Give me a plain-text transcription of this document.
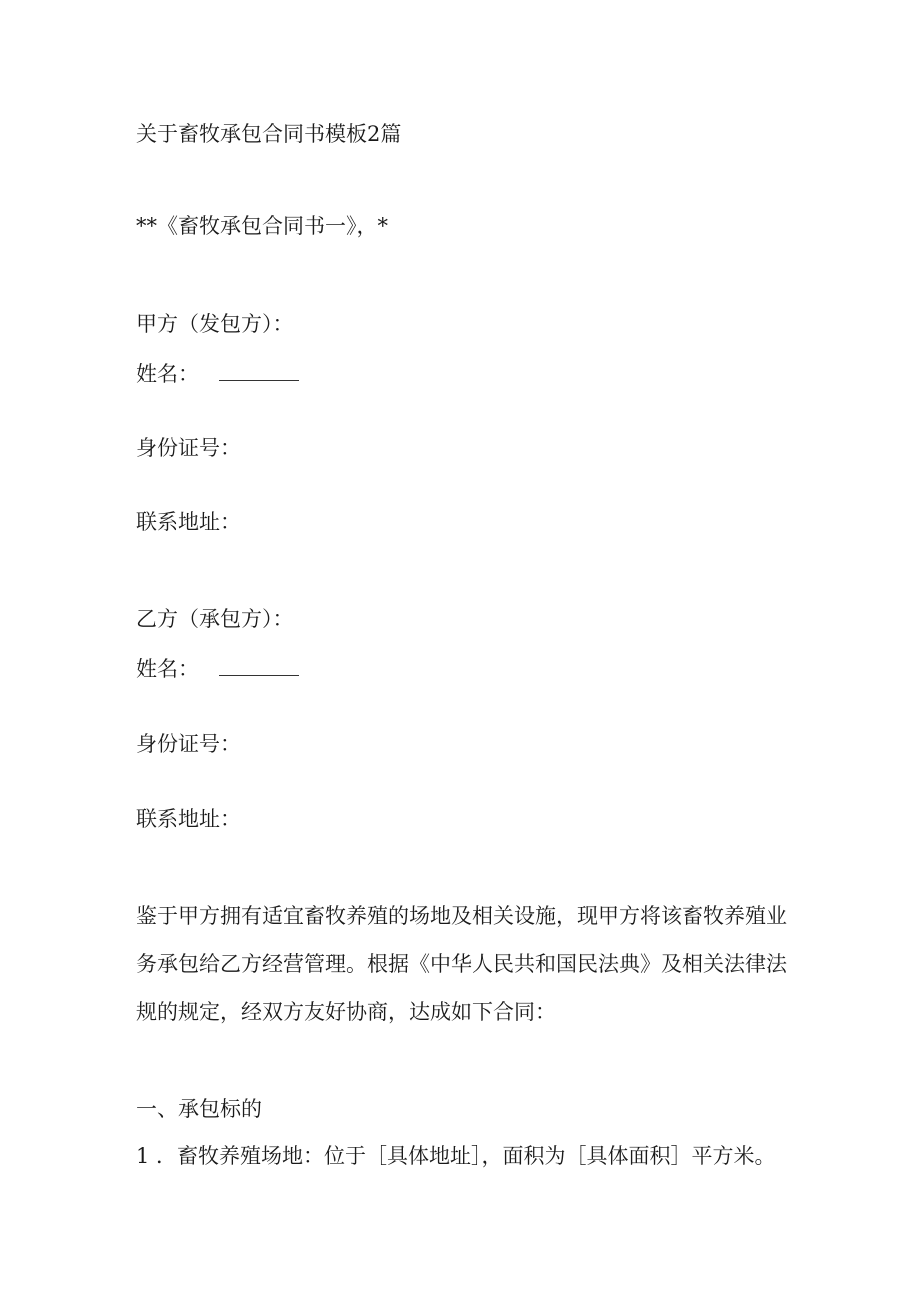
关于畜牧承包合同书模板2篇
**《畜牧承包合同书一》，*
甲方（发包方）：
姓名：
身份证号：
联系地址：
乙方（承包方）：
姓名：
身份证号：
联系地址：
鉴于甲方拥有适宜畜牧养殖的场地及相关设施，现甲方将该畜牧养殖业
务承包给乙方经营管理。根据《中华人民共和国民法典》及相关法律法
规的规定，经双方友好协商，达成如下合同：
一、承包标的
1 ．畜牧养殖场地：位于［具体地址］，面积为［具体面积］平方米。
